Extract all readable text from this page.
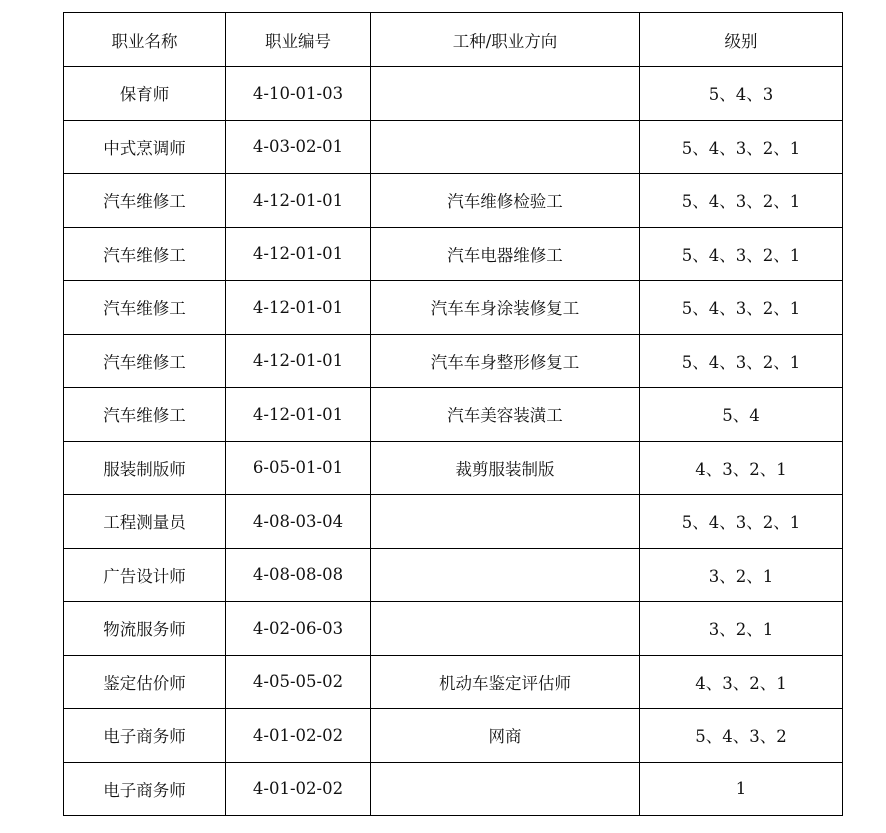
职业名称	职业编号	工种/职业方向	级别
保育师	4-10-01-03		5、4、3
中式烹调师	4-03-02-01		5、4、3、2、1
汽车维修工	4-12-01-01	汽车维修检验工	5、4、3、2、1
汽车维修工	4-12-01-01	汽车电器维修工	5、4、3、2、1
汽车维修工	4-12-01-01	汽车车身涂装修复工	5、4、3、2、1
汽车维修工	4-12-01-01	汽车车身整形修复工	5、4、3、2、1
汽车维修工	4-12-01-01	汽车美容装潢工	5、4
服装制版师	6-05-01-01	裁剪服装制版	4、3、2、1
工程测量员	4-08-03-04		5、4、3、2、1
广告设计师	4-08-08-08		3、2、1
物流服务师	4-02-06-03		3、2、1
鉴定估价师	4-05-05-02	机动车鉴定评估师	4、3、2、1
电子商务师	4-01-02-02	网商	5、4、3、2
电子商务师	4-01-02-02		1
